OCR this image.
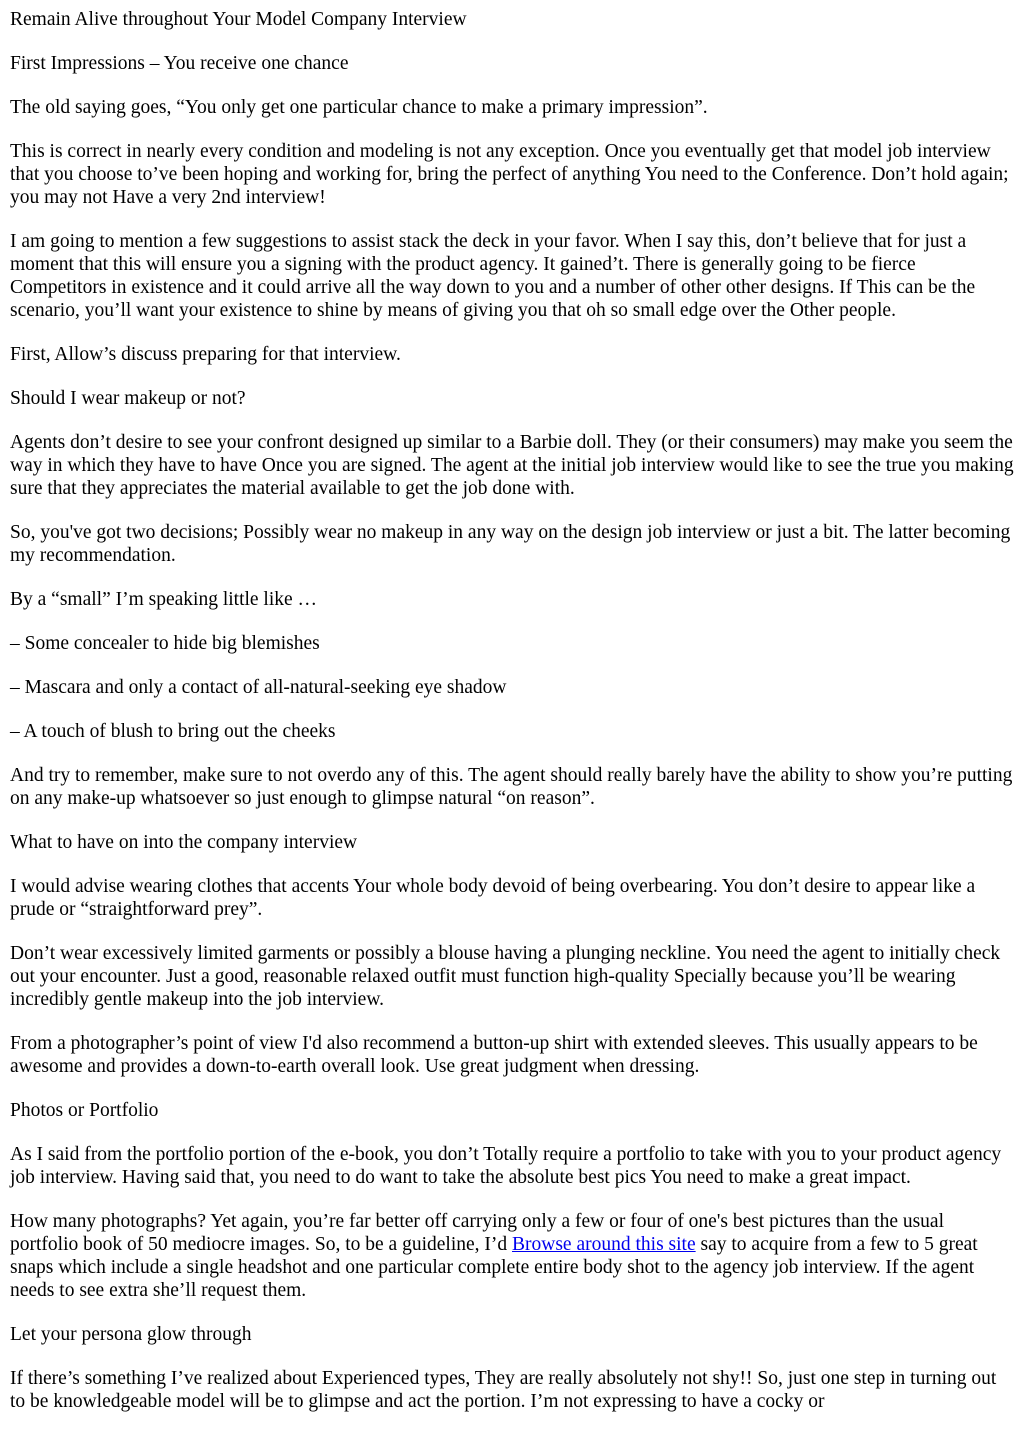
Remain Alive throughout Your Model Company Interview

First Impressions – You receive one chance

The old saying goes, “You only get one particular chance to make a primary impression”.

This is correct in nearly every condition and modeling is not any exception. Once you eventually get that model job interview that you choose to’ve been hoping and working for, bring the perfect of anything You need to the Conference. Don’t hold again; you may not Have a very 2nd interview!

I am going to mention a few suggestions to assist stack the deck in your favor. When I say this, don’t believe that for just a moment that this will ensure you a signing with the product agency. It gained’t. There is generally going to be fierce Competitors in existence and it could arrive all the way down to you and a number of other other designs. If This can be the scenario, you’ll want your existence to shine by means of giving you that oh so small edge over the Other people.

First, Allow’s discuss preparing for that interview.

Should I wear makeup or not?

Agents don’t desire to see your confront designed up similar to a Barbie doll. They (or their consumers) may make you seem the way in which they have to have Once you are signed. The agent at the initial job interview would like to see the true you making sure that they appreciates the material available to get the job done with.

So, you've got two decisions; Possibly wear no makeup in any way on the design job interview or just a bit. The latter becoming my recommendation.

By a “small” I’m speaking little like …

– Some concealer to hide big blemishes

– Mascara and only a contact of all-natural-seeking eye shadow

– A touch of blush to bring out the cheeks

And try to remember, make sure to not overdo any of this. The agent should really barely have the ability to show you’re putting on any make-up whatsoever so just enough to glimpse natural “on reason”.

What to have on into the company interview

I would advise wearing clothes that accents Your whole body devoid of being overbearing. You don’t desire to appear like a prude or “straightforward prey”.

Don’t wear excessively limited garments or possibly a blouse having a plunging neckline. You need the agent to initially check out your encounter. Just a good, reasonable relaxed outfit must function high-quality Specially because you’ll be wearing incredibly gentle makeup into the job interview.

From a photographer’s point of view I'd also recommend a button-up shirt with extended sleeves. This usually appears to be awesome and provides a down-to-earth overall look. Use great judgment when dressing.

Photos or Portfolio

As I said from the portfolio portion of the e-book, you don’t Totally require a portfolio to take with you to your product agency job interview. Having said that, you need to do want to take the absolute best pics You need to make a great impact.

How many photographs? Yet again, you’re far better off carrying only a few or four of one's best pictures than the usual portfolio book of 50 mediocre images. So, to be a guideline, I’d Browse around this site say to acquire from a few to 5 great snaps which include a single headshot and one particular complete entire body shot to the agency job interview. If the agent needs to see extra she’ll request them.

Let your persona glow through

If there’s something I’ve realized about Experienced types, They are really absolutely not shy!! So, just one step in turning out to be knowledgeable model will be to glimpse and act the portion. I’m not expressing to have a cocky or
